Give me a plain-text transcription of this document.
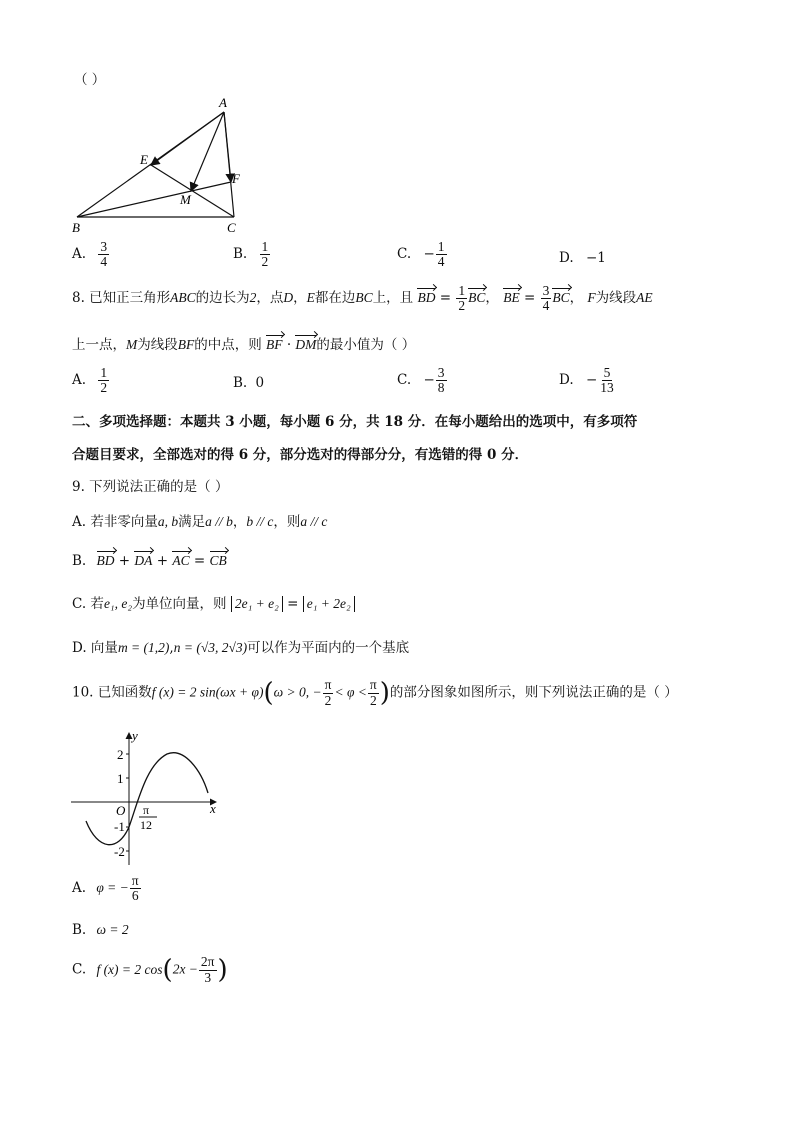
（ ）
A
E
F
M
B	C
A. $\frac{3}{4}$	B. $\frac{1}{2}$	C. − $\frac{1}{4}$	D. −1
8. 已知正三角形ABC的边长为2，点D，E都在边BC上，且 BD = $\frac{1}{2}$ BC， BE = $\frac{3}{4}$ BC， F为线段AE
上一点，M为线段BF的中点，则 BF · DM的最小值为（ ）
A. $\frac{1}{2}$	B. 0	C. − $\frac{3}{8}$	D. − $\frac{5}{13}$
二、多项选择题：本题共 3 小题，每小题 6 分，共 18 分．在每小题给出的选项中，有多项符
合题目要求，全部选对的得 6 分，部分选对的得部分分，有选错的得 0 分．
9. 下列说法正确的是（ ）
A. 若非零向量a, b满足a // b，b // c，则a // c
B. BD + DA + AC = CB
C. 若e₁, e₂为单位向量，则 2e₁ + e₂ = e₁ + 2e₂
D. 向量m = (1,2),n = (√3, 2√3)可以作为平面内的一个基底
10. 已知函数f (x) = 2 sin(ωx + φ)(ω > 0, − $\frac{\pi}{2} < \varphi < \frac{\pi}{2}$ )的部分图象如图所示，则下列说法正确的是（ ）
y
x
O
2
1
-1
-2
π
12
A. φ = − $\frac{\pi}{6}$
B. ω = 2
C. f (x) = 2 $\cos(2x - \frac{2\pi}{3}$ )
